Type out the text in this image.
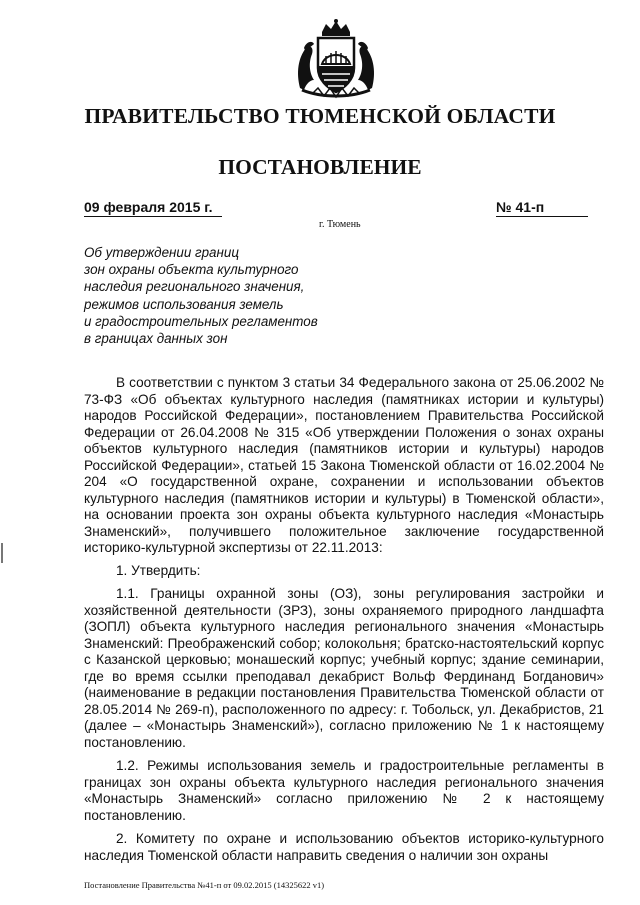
ПРАВИТЕЛЬСТВО ТЮМЕНСКОЙ ОБЛАСТИ
ПОСТАНОВЛЕНИЕ
09 февраля 2015 г.	№ 41-п
г. Тюмень
Об утверждении границ
зон охраны объекта культурного
наследия регионального значения,
режимов использования земель
и градостроительных регламентов
в границах данных зон

В соответствии с пунктом 3 статьи 34 Федерального закона от 25.06.2002 № 73-ФЗ «Об объектах культурного наследия (памятниках истории и культуры) народов Российской Федерации», постановлением Правительства Российской Федерации от 26.04.2008 № 315 «Об утверждении Положения о зонах охраны объектов культурного наследия (памятников истории и культуры) народов Российской Федерации», статьей 15 Закона Тюменской области от 16.02.2004 № 204 «О государственной охране, сохранении и использовании объектов культурного наследия (памятников истории и культуры) в Тюменской области», на основании проекта зон охраны объекта культурного наследия «Монастырь Знаменский», получившего положительное заключение государственной историко-культурной экспертизы от 22.11.2013:

1. Утвердить:

1.1. Границы охранной зоны (ОЗ), зоны регулирования застройки и хозяйственной деятельности (ЗРЗ), зоны охраняемого природного ландшафта (ЗОПЛ) объекта культурного наследия регионального значения «Монастырь Знаменский: Преображенский собор; колокольня; братско-настоятельский корпус с Казанской церковью; монашеский корпус; учебный корпус; здание семинарии, где во время ссылки преподавал декабрист Вольф Фердинанд Богданович» (наименование в редакции постановления Правительства Тюменской области от 28.05.2014 № 269-п), расположенного по адресу: г. Тобольск, ул. Декабристов, 21 (далее – «Монастырь Знаменский»), согласно приложению № 1 к настоящему постановлению.

1.2. Режимы использования земель и градостроительные регламенты в границах зон охраны объекта культурного наследия регионального значения «Монастырь Знаменский» согласно приложению № 2 к настоящему постановлению.

2. Комитету по охране и использованию объектов историко-культурного наследия Тюменской области направить сведения о наличии зон охраны

Постановление Правительства №41-п от 09.02.2015 (14325622 v1)
